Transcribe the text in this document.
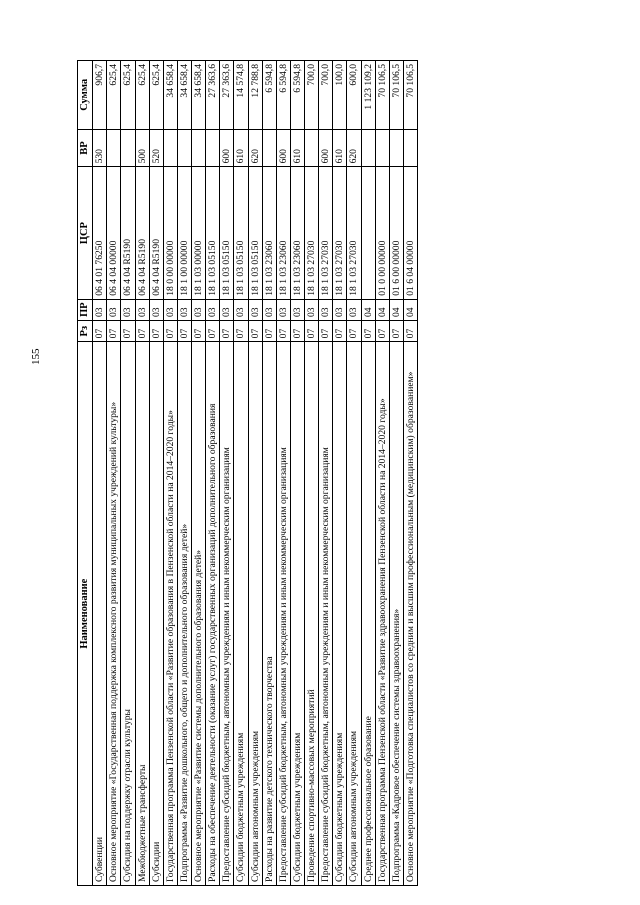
155
Наименование	Рз	ПР	ЦСР	ВР	Сумма
Субвенции	07	03	06 4 01 76250	530	906,7
Основное мероприятие «Государственная поддержка комплексного развития муниципальных учреждений культуры»	07	03	06 4 04 00000		625,4
Субсидия на поддержку отрасли культуры	07	03	06 4 04 R5190		625,4
Межбюджетные трансферты	07	03	06 4 04 R5190	500	625,4
Субсидии	07	03	06 4 04 R5190	520	625,4
Государственная программа Пензенской области «Развитие образования в Пензенской области на 2014–2020 годы»	07	03	18 0 00 00000		34 658,4
Подпрограмма «Развитие дошкольного, общего и дополнительного образования детей»	07	03	18 1 00 00000		34 658,4
Основное мероприятие «Развитие системы дополнительного образования детей»	07	03	18 1 03 00000		34 658,4
Расходы на обеспечение деятельности (оказание услуг) государственных организаций дополнительного образования	07	03	18 1 03 05150		27 363,6
Предоставление субсидий бюджетным, автономным учреждениям и иным некоммерческим организациям	07	03	18 1 03 05150	600	27 363,6
Субсидии бюджетным учреждениям	07	03	18 1 03 05150	610	14 574,8
Субсидии автономным учреждениям	07	03	18 1 03 05150	620	12 788,8
Расходы на развитие детского технического творчества	07	03	18 1 03 23060		6 594,8
Предоставление субсидий бюджетным, автономным учреждениям и иным некоммерческим организациям	07	03	18 1 03 23060	600	6 594,8
Субсидии бюджетным учреждениям	07	03	18 1 03 23060	610	6 594,8
Проведение спортивно-массовых мероприятий	07	03	18 1 03 27030		700,0
Предоставление субсидий бюджетным, автономным учреждениям и иным некоммерческим организациям	07	03	18 1 03 27030	600	700,0
Субсидии бюджетным учреждениям	07	03	18 1 03 27030	610	100,0
Субсидии автономным учреждениям	07	03	18 1 03 27030	620	600,0
Среднее профессиональное образование	07	04			1 123 109,2
Государственная программа Пензенской области «Развитие здравоохранения Пензенской области на 2014–2020 годы»	07	04	01 0 00 00000		70 106,5
Подпрограмма «Кадровое обеспечение системы здравоохранения»	07	04	01 6 00 00000		70 106,5
Основное мероприятие «Подготовка специалистов со средним и высшим профессиональным (медицинским) образованием»	07	04	01 6 04 00000		70 106,5
